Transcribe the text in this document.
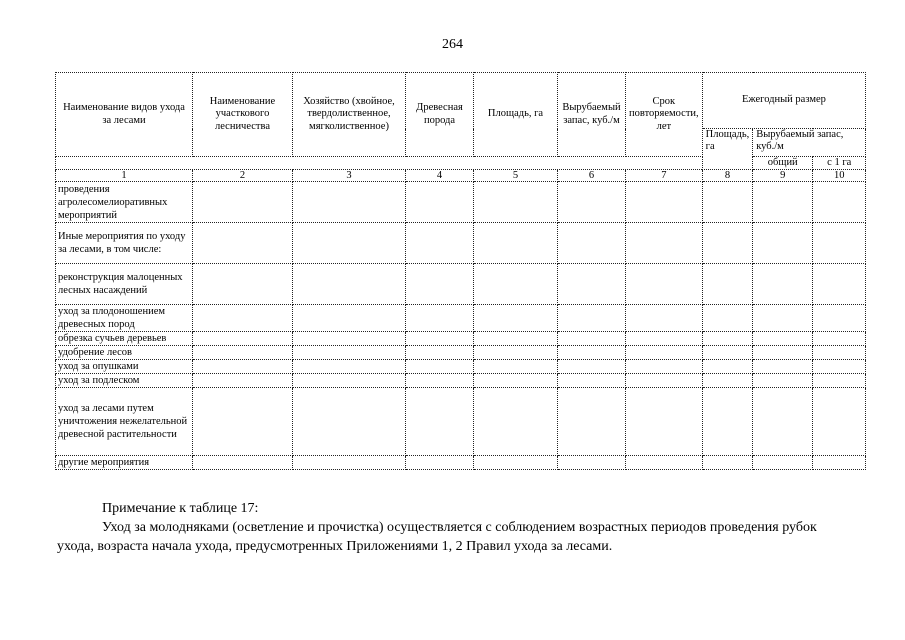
264
Наименование видов ухода за лесами	Наименование участкового лесничества	Хозяйство (хвойное, твердолиственное, мягколиственное)	Древесная порода	Площадь, га	Вырубаемый запас, куб./м	Срок повторяемости, лет	Ежегодный размер		
							Площадь, га	Вырубаемый запас, куб./м	
								общий	с 1 га
1	2	3	4	5	6	7	8	9	10
проведения агролесомелиоративных мероприятий									
Иные мероприятия по уходу за лесами, в том числе:									
реконструкция малоценных лесных насаждений									
уход за плодоношением древесных пород									
обрезка сучьев деревьев									
удобрение лесов									
уход за опушками									
уход за подлеском									
уход за лесами путем уничтожения нежелательной древесной растительности									
другие мероприятия									
Примечание к таблице 17:
Уход за молодняками (осветление и прочистка) осуществляется с соблюдением возрастных периодов проведения рубок ухода, возраста начала ухода, предусмотренных Приложениями 1, 2 Правил ухода за лесами.
